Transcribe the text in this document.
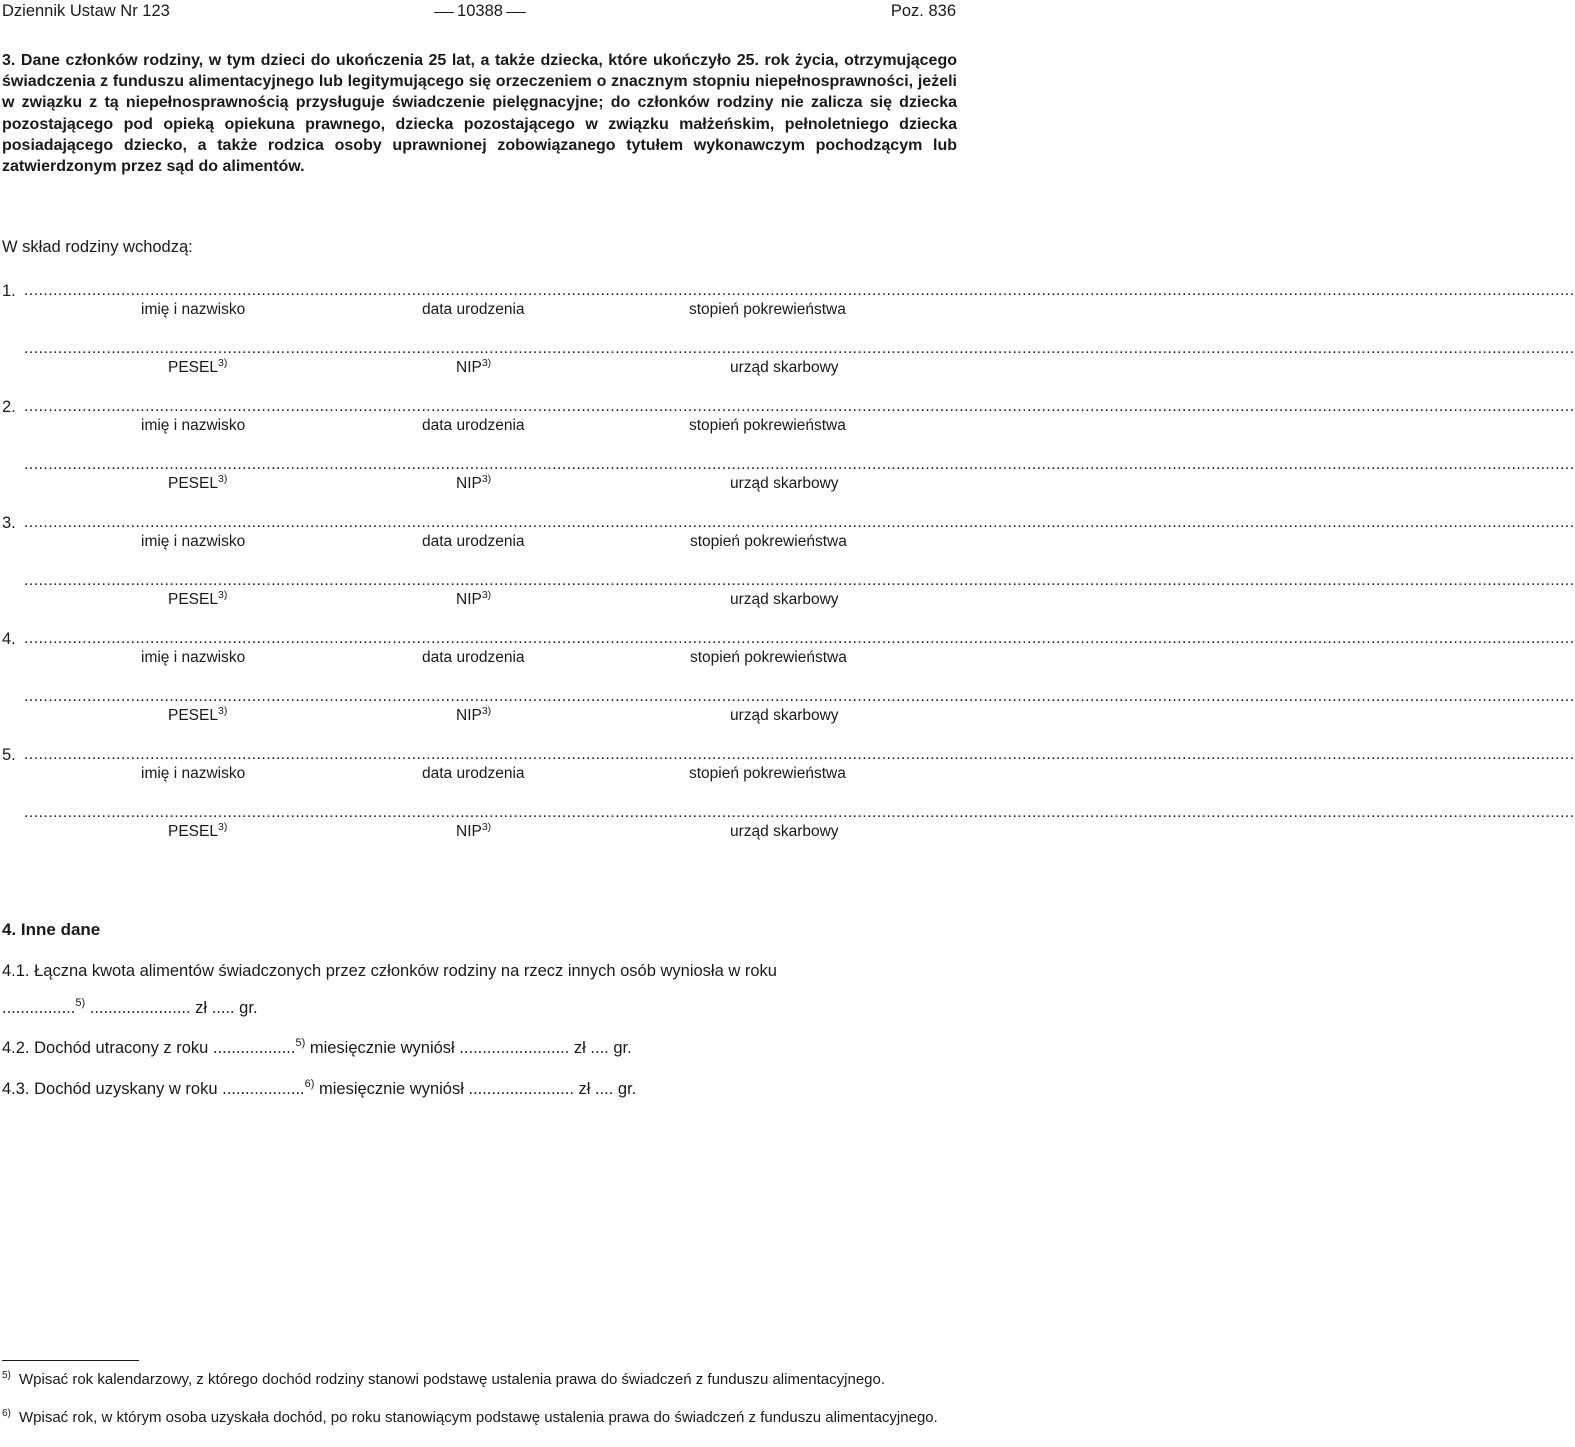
Dziennik Ustaw Nr 123	10388	Poz. 836

3. Dane członków rodziny, w tym dzieci do ukończenia 25 lat, a także dziecka, które ukończyło 25. rok życia, otrzymującego świadczenia z funduszu alimentacyjnego lub legitymującego się orzeczeniem o znacznym stopniu niepełnosprawności, jeżeli w związku z tą niepełnosprawnością przysługuje świadczenie pielęgnacyjne; do członków rodziny nie zalicza się dziecka pozostającego pod opieką opiekuna prawnego, dziecka pozostającego w związku małżeńskim, pełnoletniego dziecka posiadającego dziecko, a także rodzica osoby uprawnionej zobowiązanego tytułem wykonawczym pochodzącym lub zatwierdzonym przez sąd do alimentów.

W skład rodziny wchodzą:

1. ................................................................................................................................................................................................................................................................................................................................
imię i nazwisko	data urodzenia	stopień pokrewieństwa
................................................................................................................................................................................................................................................................................................................................
PESEL$^{3)}$	NIP$^{3)}$	urząd skarbowy
2. ................................................................................................................................................................................................................................................................................................................................
imię i nazwisko	data urodzenia	stopień pokrewieństwa
................................................................................................................................................................................................................................................................................................................................
PESEL$^{3)}$	NIP$^{3)}$	urząd skarbowy
3. ................................................................................................................................................................................................................................................................................................................................
imię i nazwisko	data urodzenia	stopień pokrewieństwa
................................................................................................................................................................................................................................................................................................................................
PESEL$^{3)}$	NIP$^{3)}$	urząd skarbowy
4. ................................................................................................................................................................................................................................................................................................................................
imię i nazwisko	data urodzenia	stopień pokrewieństwa
................................................................................................................................................................................................................................................................................................................................
PESEL$^{3)}$	NIP$^{3)}$	urząd skarbowy
5. ................................................................................................................................................................................................................................................................................................................................
imię i nazwisko	data urodzenia	stopień pokrewieństwa
................................................................................................................................................................................................................................................................................................................................
PESEL$^{3)}$	NIP$^{3)}$	urząd skarbowy

4. Inne dane

4.1. Łączna kwota alimentów świadczonych przez członków rodziny na rzecz innych osób wyniosła w roku

................$^{5)}$ ...................... zł ..... gr.

4.2. Dochód utracony z roku ..................$^{5)}$ miesięcznie wyniósł ........................ zł .... gr.

4.3. Dochód uzyskany w roku ..................$^{6)}$ miesięcznie wyniósł ....................... zł .... gr.

5) Wpisać rok kalendarzowy, z którego dochód rodziny stanowi podstawę ustalenia prawa do świadczeń z funduszu alimentacyjnego.

6) Wpisać rok, w którym osoba uzyskała dochód, po roku stanowiącym podstawę ustalenia prawa do świadczeń z funduszu alimentacyjnego.
